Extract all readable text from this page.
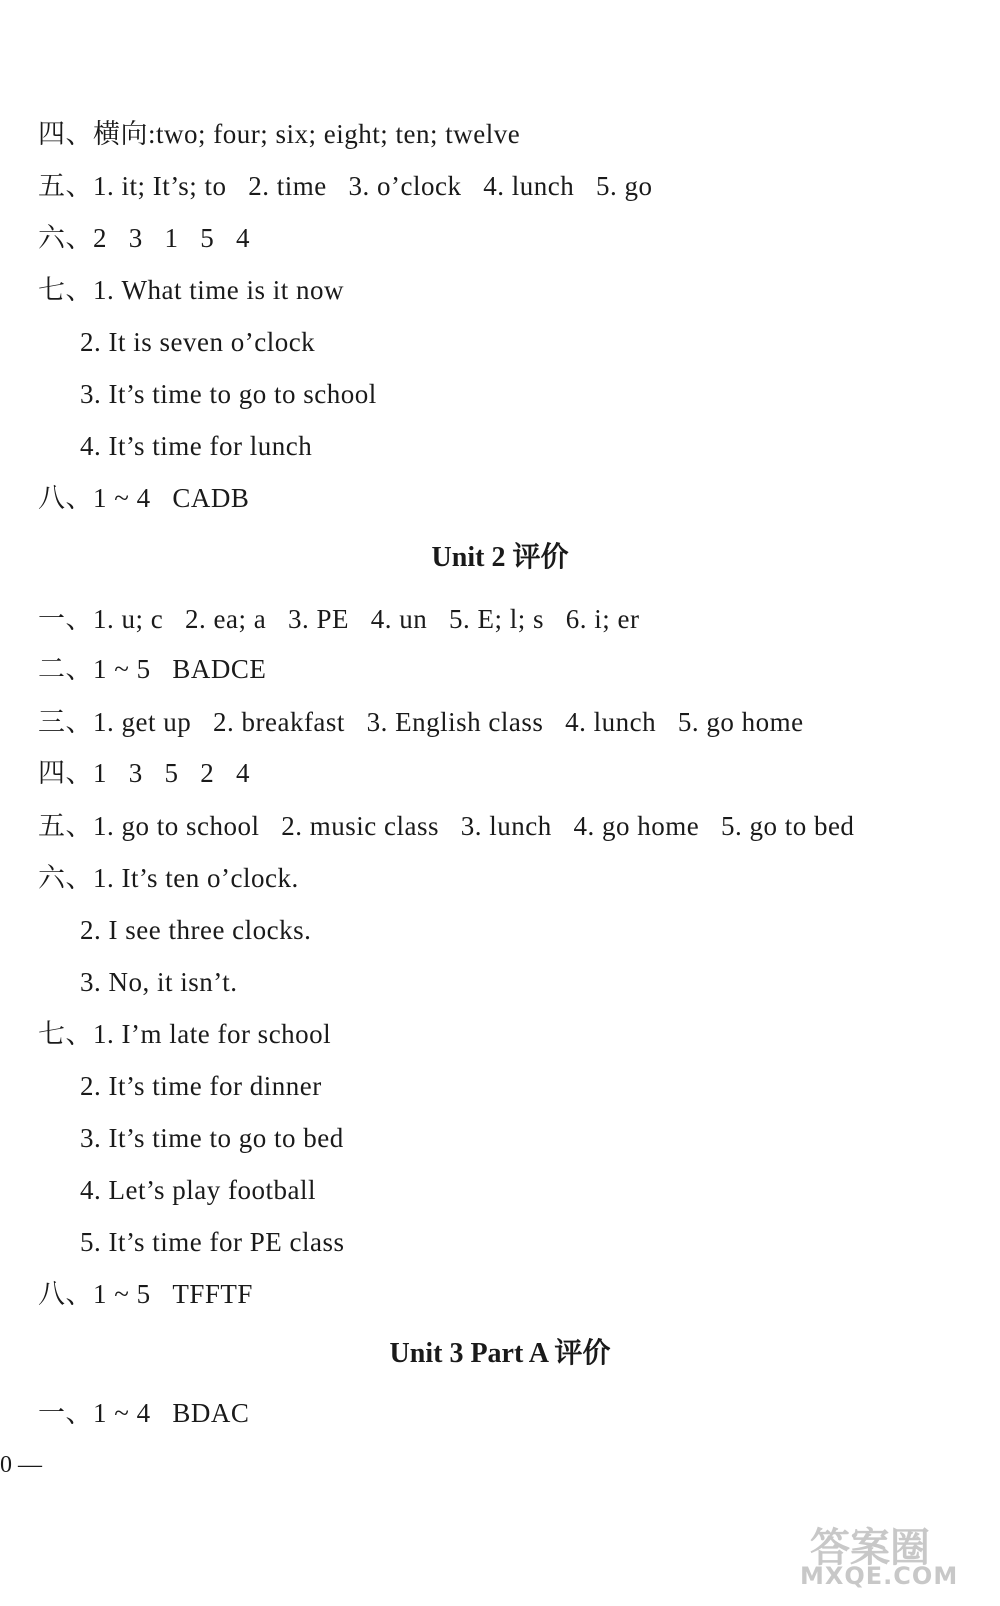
四、横向:two; four; six; eight; ten; twelve
五、1. it; It’s; to   2. time   3. o’clock   4. lunch   5. go
六、2   3   1   5   4
七、1. What time is it now
2. It is seven o’clock
3. It’s time to go to school
4. It’s time for lunch
八、1 ~ 4   CADB
Unit 2 评价
一、1. u; c   2. ea; a   3. PE   4. un   5. E; l; s   6. i; er
二、1 ~ 5   BADCE
三、1. get up   2. breakfast   3. English class   4. lunch   5. go home
四、1   3   5   2   4
五、1. go to school   2. music class   3. lunch   4. go home   5. go to bed
六、1. It’s ten o’clock.
2. I see three clocks.
3. No, it isn’t.
七、1. I’m late for school
2. It’s time for dinner
3. It’s time to go to bed
4. Let’s play football
5. It’s time for PE class
八、1 ~ 5   TFFTF
Unit 3 Part A 评价
一、1 ~ 4   BDAC
0 —
答案圈
MXQE.COM
